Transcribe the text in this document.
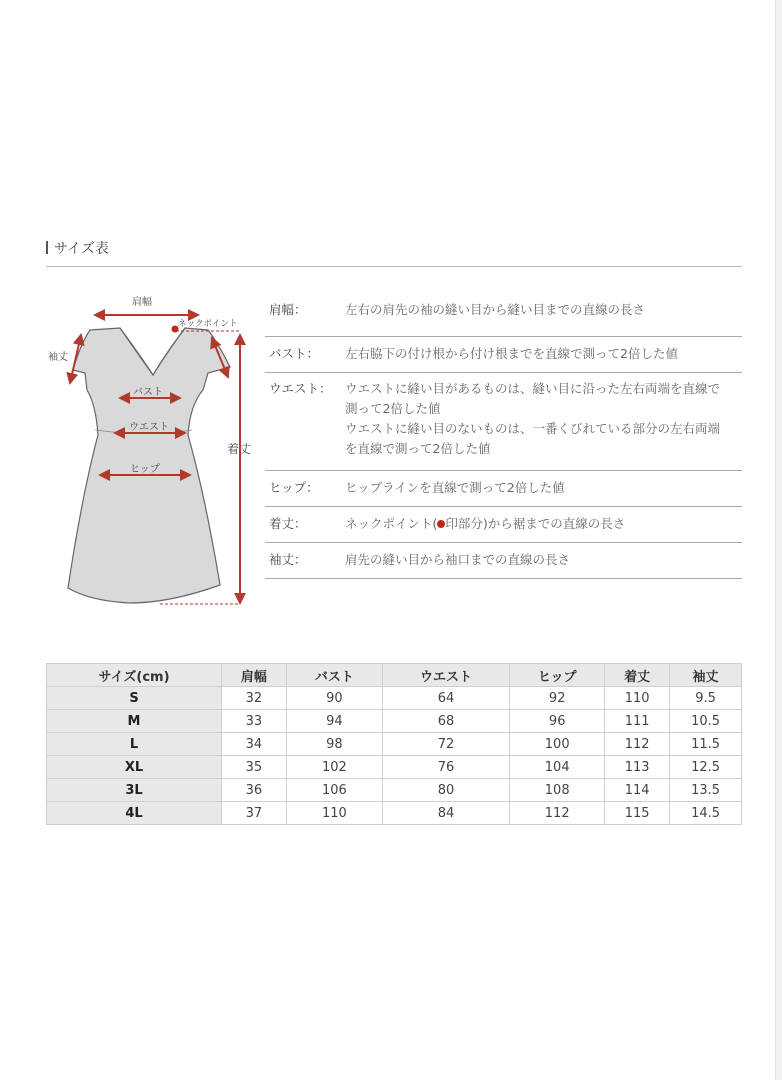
サイズ表
肩幅
ネックポイント
袖丈
バスト
ウエスト
ヒップ
着丈
肩幅：	左右の肩先の袖の縫い目から縫い目までの直線の長さ
バスト：	左右脇下の付け根から付け根までを直線で測って2倍した値
ウエスト：	ウエストに縫い目があるものは、縫い目に沿った左右両端を直線で
測って2倍した値
ウエストに縫い目のないものは、一番くびれている部分の左右両端
を直線で測って2倍した値
ヒップ：	ヒップラインを直線で測って2倍した値
着丈：	ネックポイント( 印部分)から裾までの直線の長さ
袖丈：	肩先の縫い目から袖口までの直線の長さ
サイズ(cm)	肩幅	バスト	ウエスト	ヒップ	着丈	袖丈
S	32	90	64	92	110	9.5
M	33	94	68	96	111	10.5
L	34	98	72	100	112	11.5
XL	35	102	76	104	113	12.5
3L	36	106	80	108	114	13.5
4L	37	110	84	112	115	14.5
